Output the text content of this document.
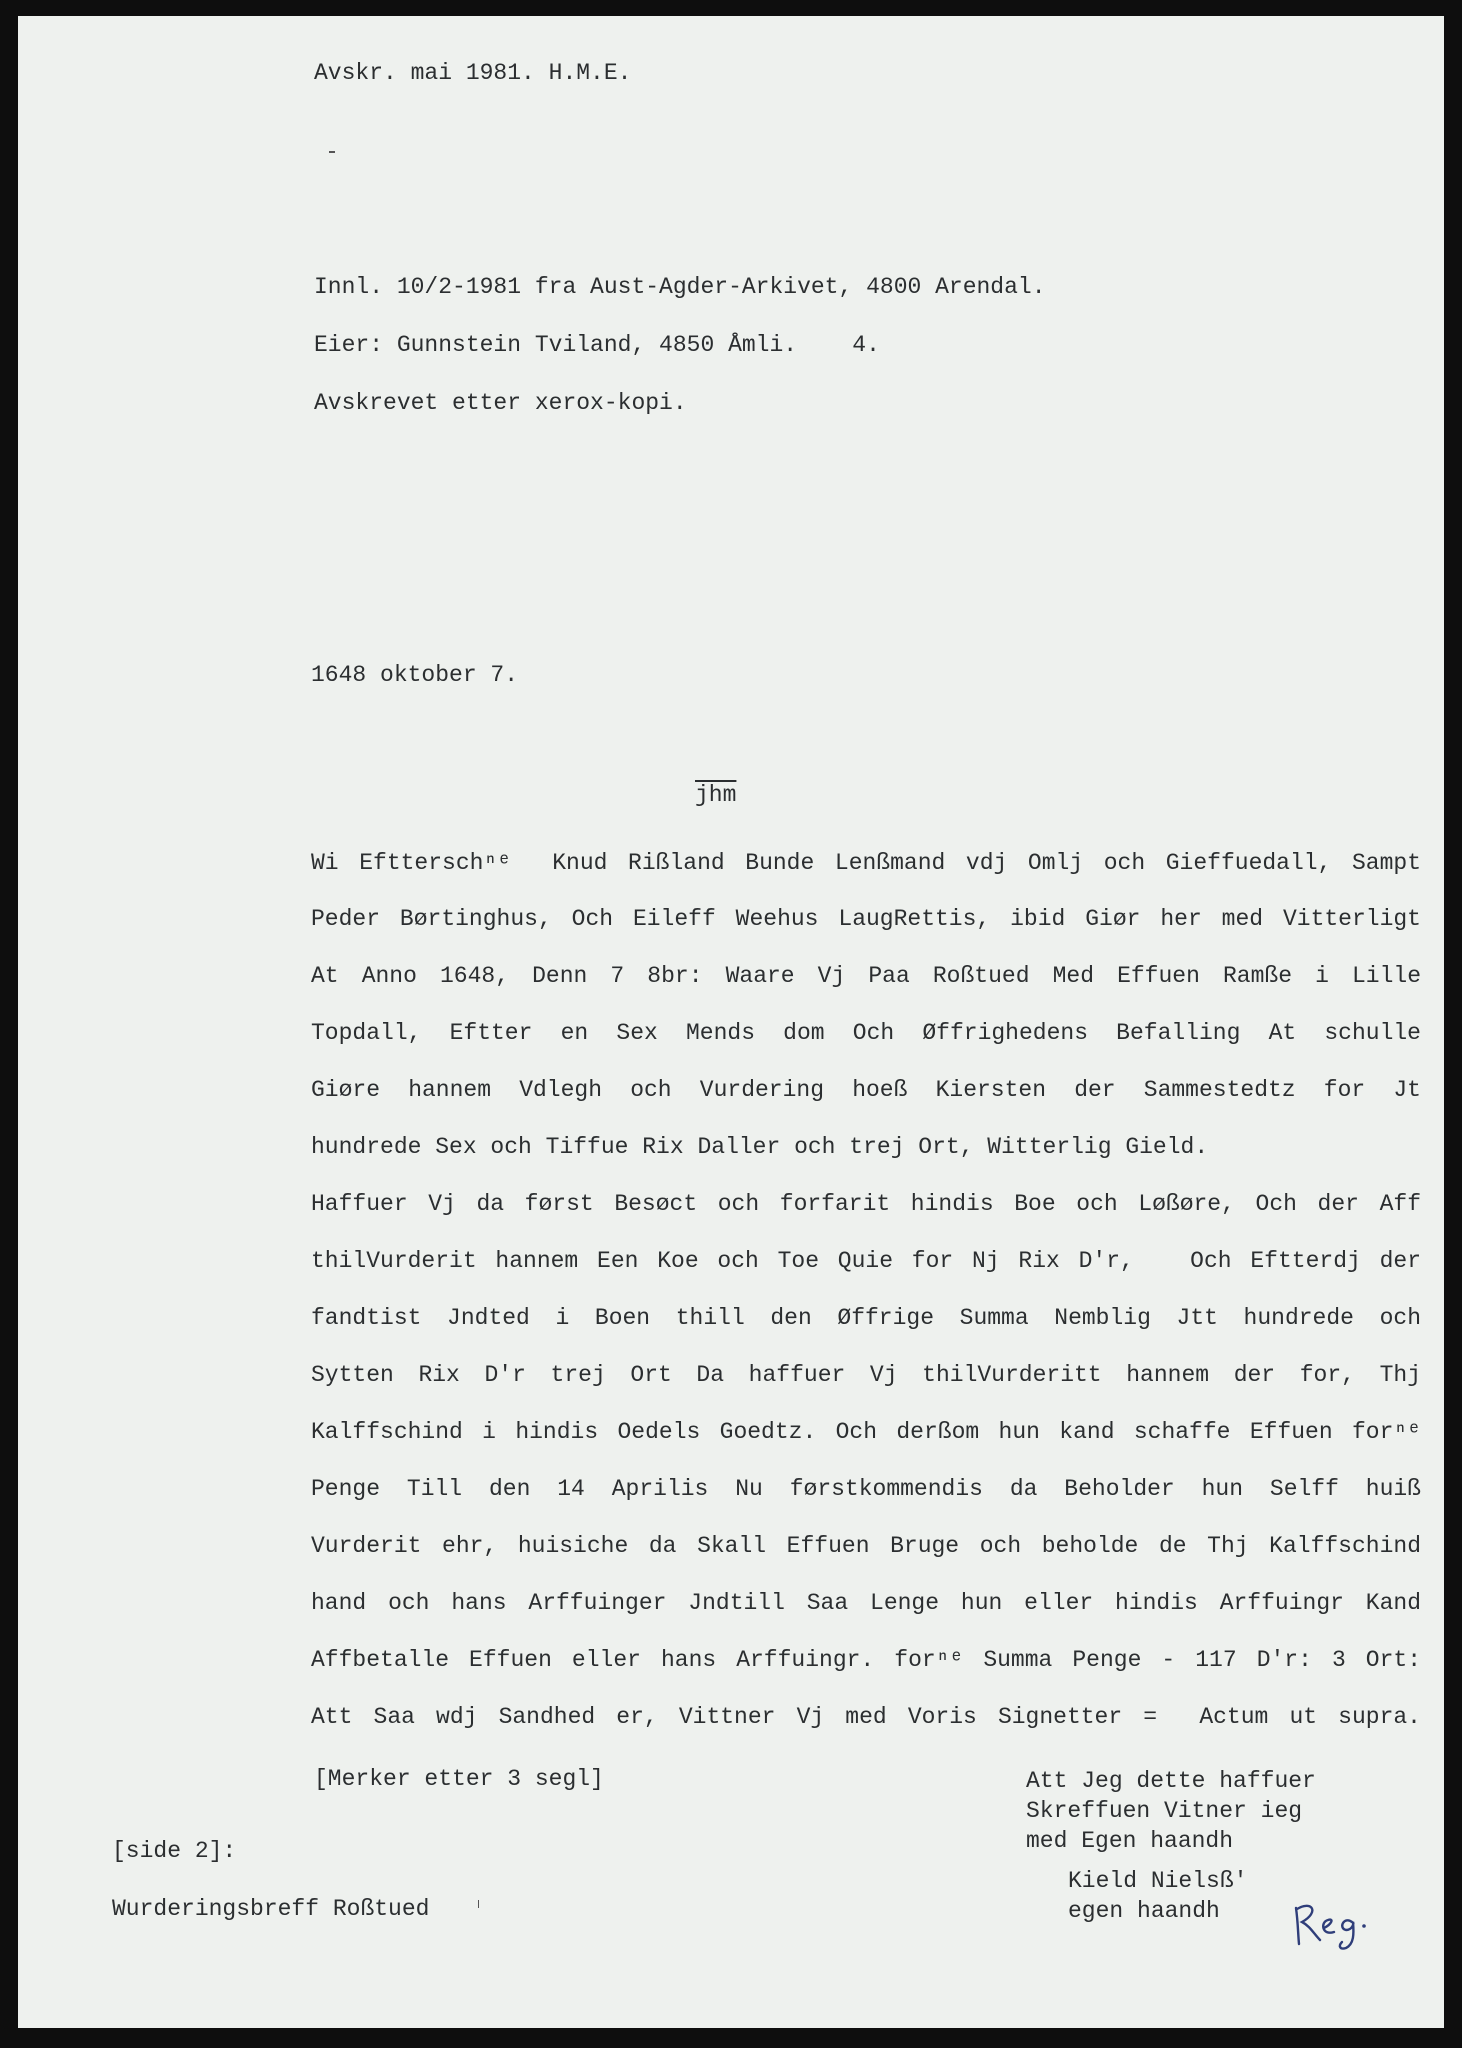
Avskr. mai 1981. H.M.E.
Innl. 10/2-1981 fra Aust-Agder-Arkivet, 4800 Arendal.
Eier: Gunnstein Tviland, 4850 Åmli.    4.
Avskrevet etter xerox-kopi.
1648 oktober 7.
$\overline{jhm}$
Wi Eftterschⁿᵉ  Knud Rißland Bunde Lenßmand vdj Omlj och Gieffuedall, Sampt
Peder Børtinghus, Och Eileff Weehus LaugRettis, ibid Giør her med Vitterligt
At Anno 1648, Denn 7 8br: Waare Vj Paa Roßtued Med Effuen Ramße i Lille
Topdall, Eftter en Sex Mends dom Och Øffrighedens Befalling At schulle
Giøre hannem Vdlegh och Vurdering hoeß Kiersten der Sammestedtz for Jt
hundrede Sex och Tiffue Rix Daller och trej Ort, Witterlig Gield.
Haffuer Vj da først Besøct och forfarit hindis Boe och Løßøre, Och der Aff
thilVurderit hannem Een Koe och Toe Quie for Nj Rix D'r,   Och Eftterdj der
fandtist Jndted i Boen thill den Øffrige Summa Nemblig Jtt hundrede och
Sytten Rix D'r trej Ort Da haffuer Vj thilVurderitt hannem der for, Thj
Kalffschind i hindis Oedels Goedtz. Och derßom hun kand schaffe Effuen forⁿᵉ
Penge Till den 14 Aprilis Nu førstkommendis da Beholder hun Selff huiß
Vurderit ehr, huisiche da Skall Effuen Bruge och beholde de Thj Kalffschind
hand och hans Arffuinger Jndtill Saa Lenge hun eller hindis Arffuingr Kand
Affbetalle Effuen eller hans Arffuingr. forⁿᵉ Summa Penge - 117 D'r: 3 Ort:
Att Saa wdj Sandhed er, Vittner Vj med Voris Signetter =  Actum ut supra.
[Merker etter 3 segl]	Att Jeg dette haffuer
Skreffuen Vitner ieg
med Egen haandh
Kield Nielsß'
egen haandh
[side 2]:
Wurderingsbreff Roßtued
